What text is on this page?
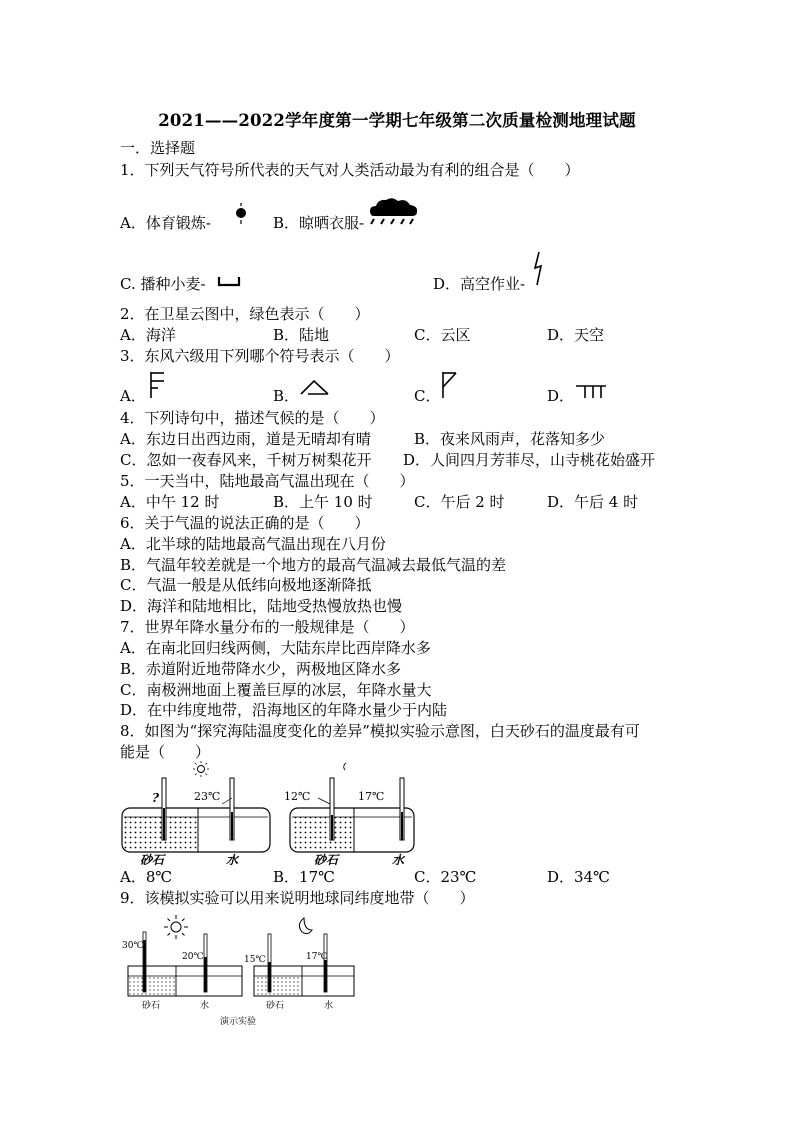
2021——2022学年度第一学期七年级第二次质量检测地理试题
一．选择题
1．下列天气符号所代表的天气对人类活动最为有利的组合是（　　）
A．体育锻炼-	B．晾晒衣服-
C. 播种小麦-	D．高空作业-
2．在卫星云图中，绿色表示（　　）
A．海洋	B．陆地	C．云区	D．天空
3．东风六级用下列哪个符号表示（　　）
A．	B．	C．	D．
4．下列诗句中，描述气候的是（　　）
A．东边日出西边雨，道是无晴却有晴	B．夜来风雨声，花落知多少
C．忽如一夜春风来，千树万树梨花开 D．人间四月芳菲尽，山寺桃花始盛开
5．一天当中，陆地最高气温出现在（　　）
A．中午 12 时	B．上午 10 时	C．午后 2 时	D．午后 4 时
6．关于气温的说法正确的是（　　）
A．北半球的陆地最高气温出现在八月份
B．气温年较差就是一个地方的最高气温减去最低气温的差
C．气温一般是从低纬向极地逐渐降抵
D．海洋和陆地相比，陆地受热慢放热也慢
7．世界年降水量分布的一般规律是（　　）
A．在南北回归线两侧，大陆东岸比西岸降水多
B．赤道附近地带降水少，两极地区降水多
C．南极洲地面上覆盖巨厚的冰层，年降水量大
D．在中纬度地带，沿海地区的年降水量少于内陆
8．如图为“探究海陆温度变化的差异”模拟实验示意图，白天砂石的温度最有可
能是（　　）
?	23℃
砂石	水
12℃	17℃
砂石	水
A．8℃	B．17℃	C．23℃	D．34℃
9．该模拟实验可以用来说明地球同纬度地带（　　）
30℃
20℃
砂石	水
15℃	17℃
砂石	水
演示实验
